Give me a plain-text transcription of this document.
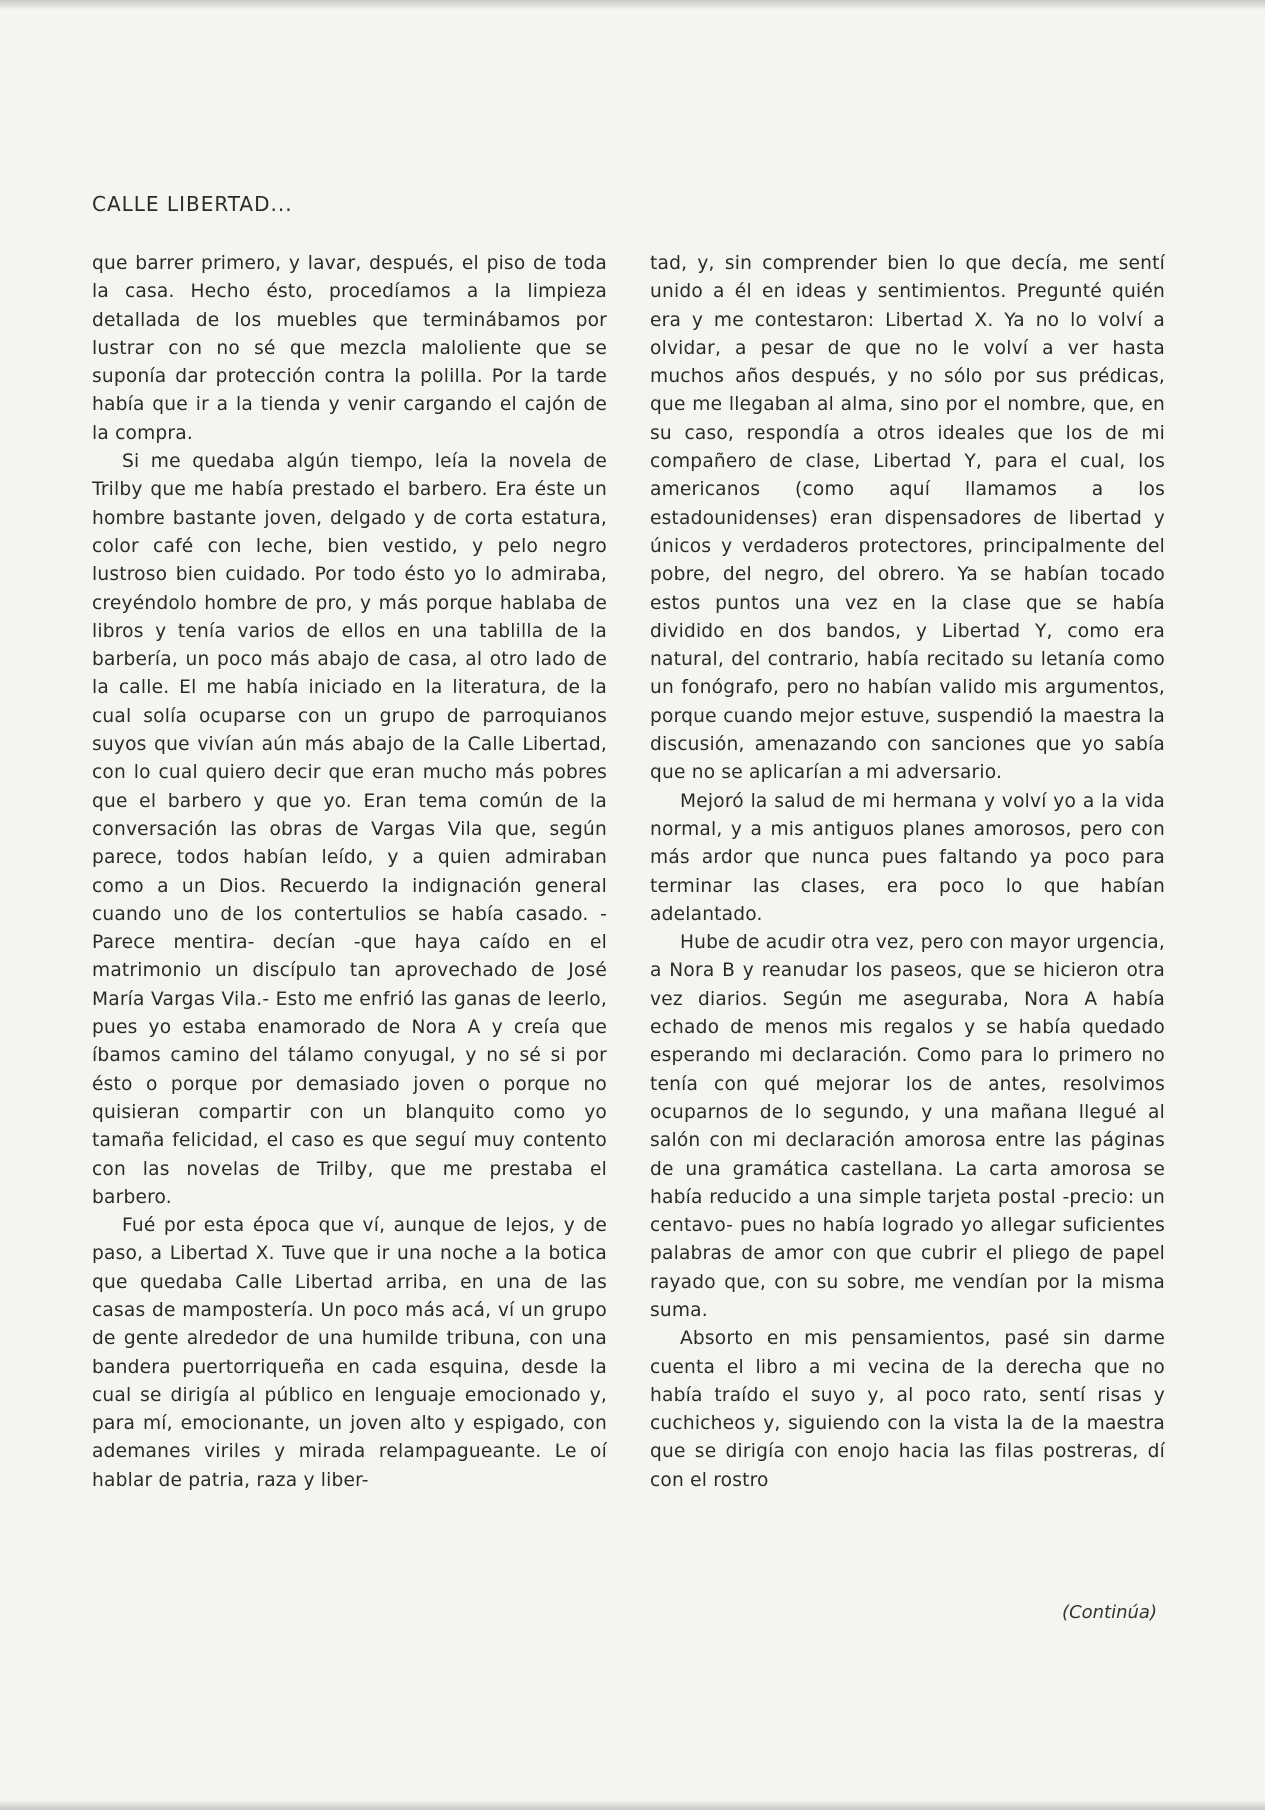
CALLE LIBERTAD...

que barrer primero, y lavar, después, el piso de toda la casa. Hecho ésto, procedíamos a la limpieza detallada de los muebles que terminábamos por lustrar con no sé que mezcla maloliente que se suponía dar protección contra la polilla. Por la tarde había que ir a la tienda y venir cargando el cajón de la compra.

Si me quedaba algún tiempo, leía la novela de Trilby que me había prestado el barbero. Era éste un hombre bastante joven, delgado y de corta estatura, color café con leche, bien vestido, y pelo negro lustroso bien cuidado. Por todo ésto yo lo admiraba, creyéndolo hombre de pro, y más porque hablaba de libros y tenía varios de ellos en una tablilla de la barbería, un poco más abajo de casa, al otro lado de la calle. El me había iniciado en la literatura, de la cual solía ocuparse con un grupo de parroquianos suyos que vivían aún más abajo de la Calle Libertad, con lo cual quiero decir que eran mucho más pobres que el barbero y que yo. Eran tema común de la conversación las obras de Vargas Vila que, según parece, todos habían leído, y a quien admiraban como a un Dios. Recuerdo la indignación general cuando uno de los contertulios se había casado. -Parece mentira- decían -que haya caído en el matrimonio un discípulo tan aprovechado de José María Vargas Vila.- Esto me enfrió las ganas de leerlo, pues yo estaba enamorado de Nora A y creía que íbamos camino del tálamo conyugal, y no sé si por ésto o porque por demasiado joven o porque no quisieran compartir con un blanquito como yo tamaña felicidad, el caso es que seguí muy contento con las novelas de Trilby, que me prestaba el barbero.

Fué por esta época que ví, aunque de lejos, y de paso, a Libertad X. Tuve que ir una noche a la botica que quedaba Calle Libertad arriba, en una de las casas de mampostería. Un poco más acá, ví un grupo de gente alrededor de una humilde tribuna, con una bandera puertorriqueña en cada esquina, desde la cual se dirigía al público en lenguaje emocionado y, para mí, emocionante, un joven alto y espigado, con ademanes viriles y mirada relampagueante. Le oí hablar de patria, raza y liber-

tad, y, sin comprender bien lo que decía, me sentí unido a él en ideas y sentimientos. Pregunté quién era y me contestaron: Libertad X. Ya no lo volví a olvidar, a pesar de que no le volví a ver hasta muchos años después, y no sólo por sus prédicas, que me llegaban al alma, sino por el nombre, que, en su caso, respondía a otros ideales que los de mi compañero de clase, Libertad Y, para el cual, los americanos (como aquí llamamos a los estadounidenses) eran dispensadores de libertad y únicos y verdaderos protectores, principalmente del pobre, del negro, del obrero. Ya se habían tocado estos puntos una vez en la clase que se había dividido en dos bandos, y Libertad Y, como era natural, del contrario, había recitado su letanía como un fonógrafo, pero no habían valido mis argumentos, porque cuando mejor estuve, suspendió la maestra la discusión, amenazando con sanciones que yo sabía que no se aplicarían a mi adversario.

Mejoró la salud de mi hermana y volví yo a la vida normal, y a mis antiguos planes amorosos, pero con más ardor que nunca pues faltando ya poco para terminar las clases, era poco lo que habían adelantado.

Hube de acudir otra vez, pero con mayor urgencia, a Nora B y reanudar los paseos, que se hicieron otra vez diarios. Según me aseguraba, Nora A había echado de menos mis regalos y se había quedado esperando mi declaración. Como para lo primero no tenía con qué mejorar los de antes, resolvimos ocuparnos de lo segundo, y una mañana llegué al salón con mi declaración amorosa entre las páginas de una gramática castellana. La carta amorosa se había reducido a una simple tarjeta postal -precio: un centavo- pues no había logrado yo allegar suficientes palabras de amor con que cubrir el pliego de papel rayado que, con su sobre, me vendían por la misma suma.

Absorto en mis pensamientos, pasé sin darme cuenta el libro a mi vecina de la derecha que no había traído el suyo y, al poco rato, sentí risas y cuchicheos y, siguiendo con la vista la de la maestra que se dirigía con enojo hacia las filas postreras, dí con el rostro

(Continúa)
